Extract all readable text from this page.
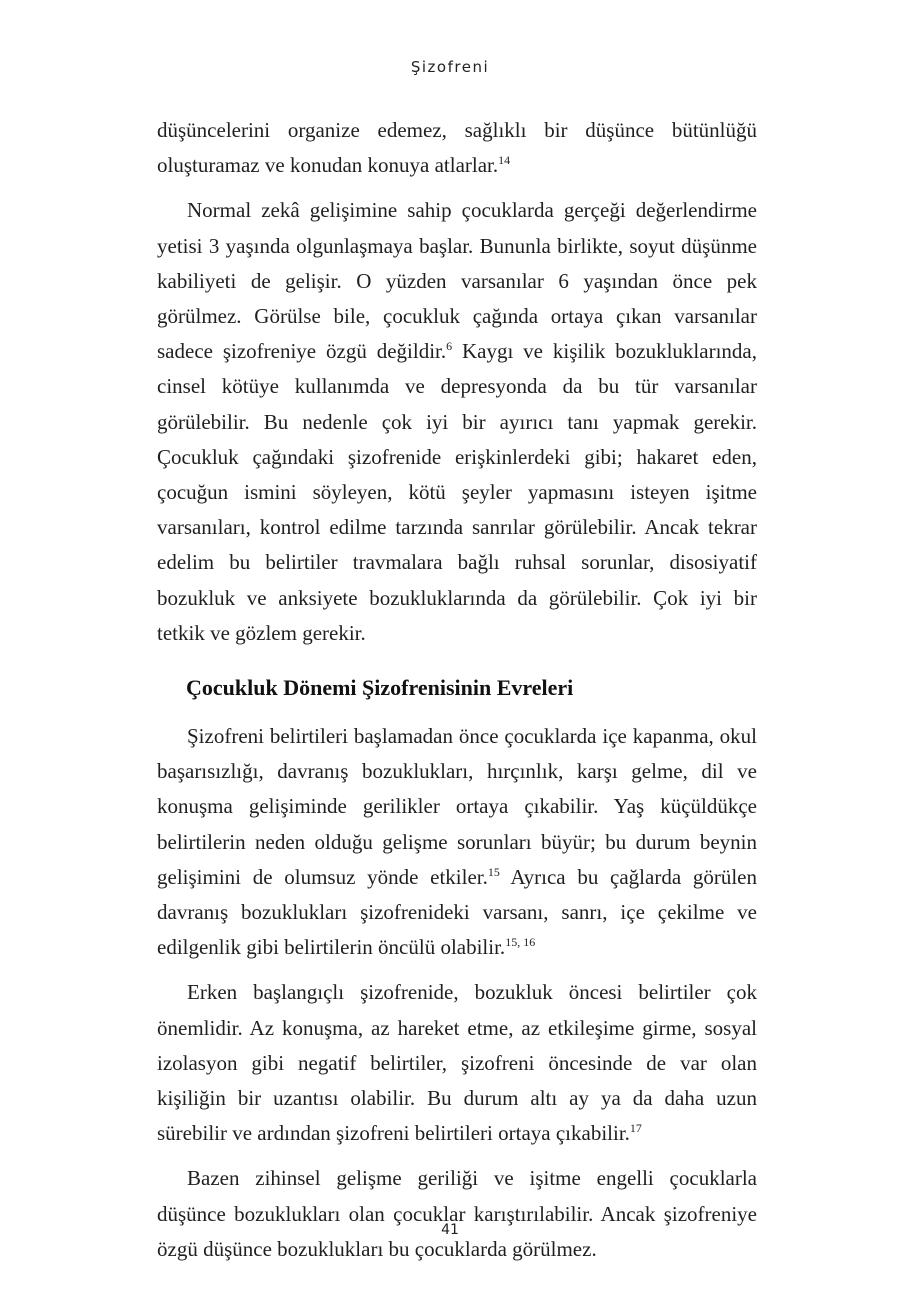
Şizofreni

düşüncelerini organize edemez, sağlıklı bir düşünce bütünlüğü oluşturamaz ve konudan konuya atlarlar.$^{14}$

Normal zekâ gelişimine sahip çocuklarda gerçeği değerlendirme yetisi 3 yaşında olgunlaşmaya başlar. Bununla birlikte, soyut düşünme kabiliyeti de gelişir. O yüzden varsanılar 6 yaşından önce pek görülmez. Görülse bile, çocukluk çağında ortaya çıkan varsanılar sadece şizofreniye özgü değildir.$^6$ Kaygı ve kişilik bozukluklarında, cinsel kötüye kullanımda ve depresyonda da bu tür varsanılar görülebilir. Bu nedenle çok iyi bir ayırıcı tanı yapmak gerekir. Çocukluk çağındaki şizofrenide erişkinlerdeki gibi; hakaret eden, çocuğun ismini söyleyen, kötü şeyler yapmasını isteyen işitme varsanıları, kontrol edilme tarzında sanrılar görülebilir. Ancak tekrar edelim bu belirtiler travmalara bağlı ruhsal sorunlar, disosiyatif bozukluk ve anksiyete bozukluklarında da görülebilir. Çok iyi bir tetkik ve gözlem gerekir.

Çocukluk Dönemi Şizofrenisinin Evreleri

Şizofreni belirtileri başlamadan önce çocuklarda içe kapanma, okul başarısızlığı, davranış bozuklukları, hırçınlık, karşı gelme, dil ve konuşma gelişiminde gerilikler ortaya çıkabilir. Yaş küçüldükçe belirtilerin neden olduğu gelişme sorunları büyür; bu durum beynin gelişimini de olumsuz yönde etkiler.$^{15}$ Ayrıca bu çağlarda görülen davranış bozuklukları şizofrenideki varsanı, sanrı, içe çekilme ve edilgenlik gibi belirtilerin öncülü olabilir.$^{15, 16}$

Erken başlangıçlı şizofrenide, bozukluk öncesi belirtiler çok önemlidir. Az konuşma, az hareket etme, az etkileşime girme, sosyal izolasyon gibi negatif belirtiler, şizofreni öncesinde de var olan kişiliğin bir uzantısı olabilir. Bu durum altı ay ya da daha uzun sürebilir ve ardından şizofreni belirtileri ortaya çıkabilir.$^{17}$

Bazen zihinsel gelişme geriliği ve işitme engelli çocuklarla düşünce bozuklukları olan çocuklar karıştırılabilir. Ancak şizofreniye özgü düşünce bozuklukları bu çocuklarda görülmez.

41
